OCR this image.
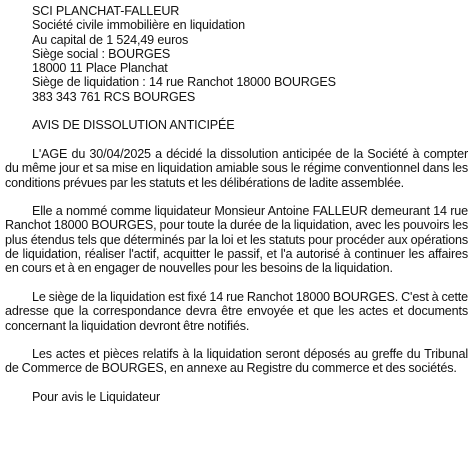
SCI PLANCHAT-FALLEUR
Société civile immobilière en liquidation
Au capital de 1 524,49 euros
Siège social : BOURGES
18000 11 Place Planchat
Siège de liquidation : 14 rue Ranchot 18000 BOURGES
383 343 761 RCS BOURGES
AVIS DE DISSOLUTION ANTICIPÉE

L'AGE du 30/04/2025 a décidé la dissolution anticipée de la Société à compter du même jour et sa mise en liquidation amiable sous le régime conventionnel dans les conditions prévues par les statuts et les délibérations de ladite assemblée.

Elle a nommé comme liquidateur Monsieur Antoine FALLEUR demeurant 14 rue Ranchot 18000 BOURGES, pour toute la durée de la liquidation, avec les pouvoirs les plus étendus tels que déterminés par la loi et les statuts pour procéder aux opérations de liquidation, réaliser l'actif, acquitter le passif, et l'a autorisé à continuer les affaires en cours et à en engager de nouvelles pour les besoins de la liquidation.

Le siège de la liquidation est fixé 14 rue Ranchot 18000 BOURGES. C'est à cette adresse que la correspondance devra être envoyée et que les actes et documents concernant la liquidation devront être notifiés.

Les actes et pièces relatifs à la liquidation seront déposés au greffe du Tribunal de Commerce de BOURGES, en annexe au Registre du commerce et des sociétés.

Pour avis le Liquidateur
